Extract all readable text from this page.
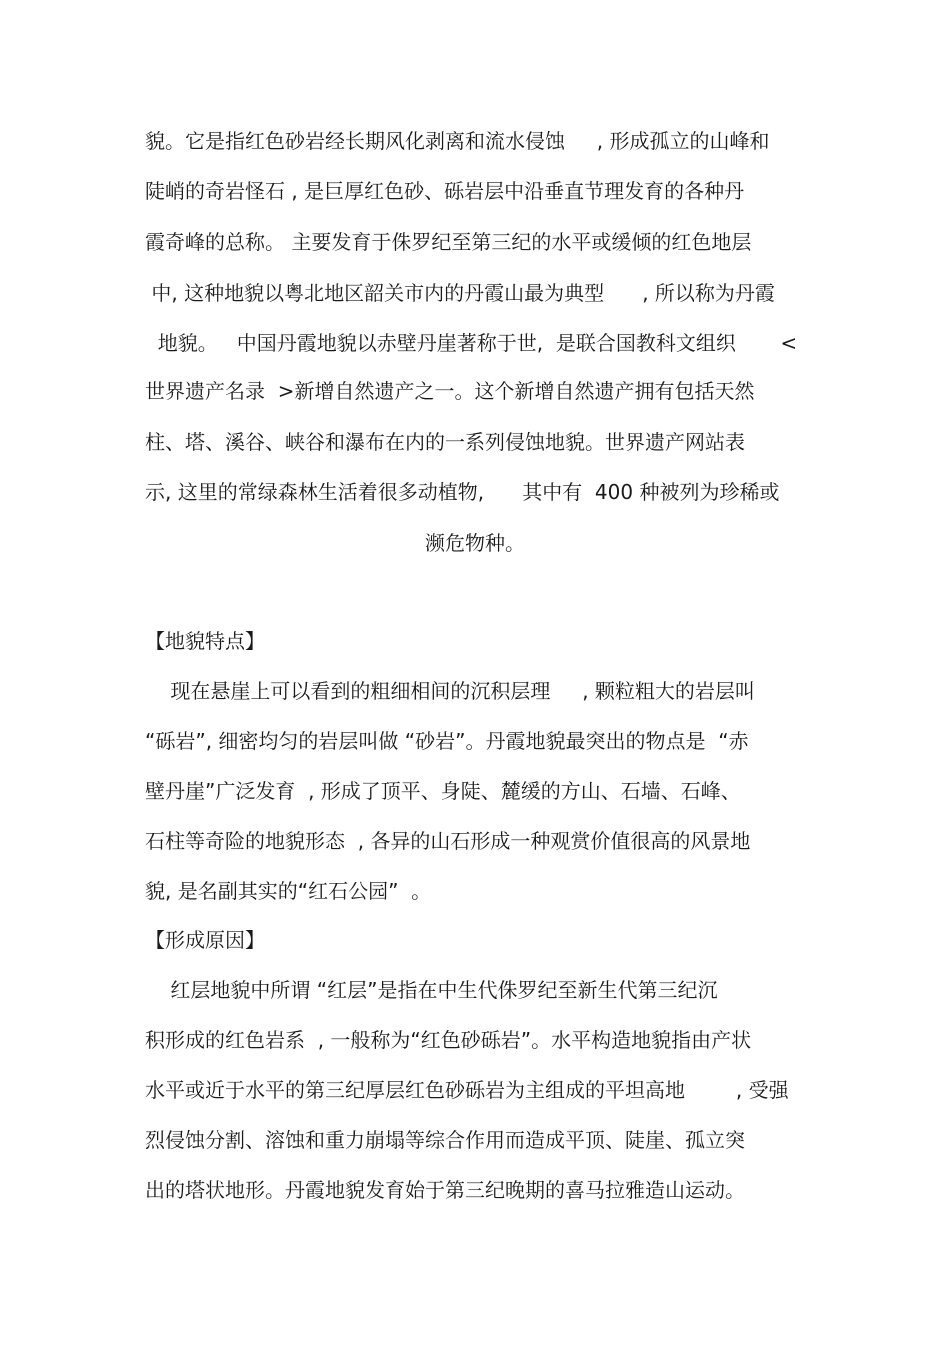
貌。它是指红色砂岩经长期风化剥离和流水侵蚀     , 形成孤立的山峰和
陡峭的奇岩怪石 , 是巨厚红色砂、砾岩层中沿垂直节理发育的各种丹
霞奇峰的总称。 主要发育于侏罗纪至第三纪的水平或缓倾的红色地层
中, 这种地貌以粤北地区韶关市内的丹霞山最为典型      , 所以称为丹霞
地貌。   中国丹霞地貌以赤壁丹崖著称于世,  是联合国教科文组织       <
世界遗产名录  >新增自然遗产之一。这个新增自然遗产拥有包括天然
柱、塔、溪谷、峡谷和瀑布在内的一系列侵蚀地貌。世界遗产网站表
示, 这里的常绿森林生活着很多动植物,      其中有  400 种被列为珍稀或
濒危物种。
【地貌特点】
现在悬崖上可以看到的粗细相间的沉积层理     , 颗粒粗大的岩层叫
“砾岩”, 细密均匀的岩层叫做 “砂岩”。丹霞地貌最突出的物点是  “赤
壁丹崖”广泛发育  , 形成了顶平、身陡、麓缓的方山、石墙、石峰、
石柱等奇险的地貌形态  , 各异的山石形成一种观赏价值很高的风景地
貌, 是名副其实的“红石公园”  。
【形成原因】
红层地貌中所谓 “红层”是指在中生代侏罗纪至新生代第三纪沉
积形成的红色岩系  , 一般称为“红色砂砾岩”。水平构造地貌指由产状
水平或近于水平的第三纪厚层红色砂砾岩为主组成的平坦高地        , 受强
烈侵蚀分割、溶蚀和重力崩塌等综合作用而造成平顶、陡崖、孤立突
出的塔状地形。丹霞地貌发育始于第三纪晚期的喜马拉雅造山运动。
